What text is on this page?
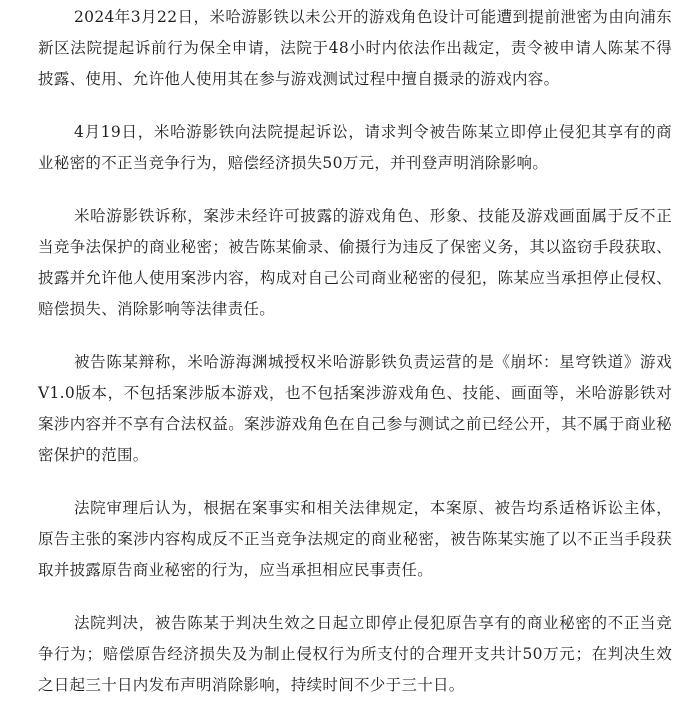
2024年3月22日，米哈游影铁以未公开的游戏角色设计可能遭到提前泄密为由向浦东新区法院提起诉前行为保全申请，法院于48小时内依法作出裁定，责令被申请人陈某不得披露、使用、允许他人使用其在参与游戏测试过程中擅自摄录的游戏内容。

4月19日，米哈游影铁向法院提起诉讼，请求判令被告陈某立即停止侵犯其享有的商业秘密的不正当竞争行为，赔偿经济损失50万元，并刊登声明消除影响。

米哈游影铁诉称，案涉未经许可披露的游戏角色、形象、技能及游戏画面属于反不正当竞争法保护的商业秘密；被告陈某偷录、偷摄行为违反了保密义务，其以盗窃手段获取、披露并允许他人使用案涉内容，构成对自己公司商业秘密的侵犯，陈某应当承担停止侵权、赔偿损失、消除影响等法律责任。

被告陈某辩称，米哈游海渊城授权米哈游影铁负责运营的是《崩坏：星穹铁道》游戏V1.0版本，不包括案涉版本游戏，也不包括案涉游戏角色、技能、画面等，米哈游影铁对案涉内容并不享有合法权益。案涉游戏角色在自己参与测试之前已经公开，其不属于商业秘密保护的范围。

法院审理后认为，根据在案事实和相关法律规定，本案原、被告均系适格诉讼主体，原告主张的案涉内容构成反不正当竞争法规定的商业秘密，被告陈某实施了以不正当手段获取并披露原告商业秘密的行为，应当承担相应民事责任。

法院判决，被告陈某于判决生效之日起立即停止侵犯原告享有的商业秘密的不正当竞争行为；赔偿原告经济损失及为制止侵权行为所支付的合理开支共计50万元；在判决生效之日起三十日内发布声明消除影响，持续时间不少于三十日。
